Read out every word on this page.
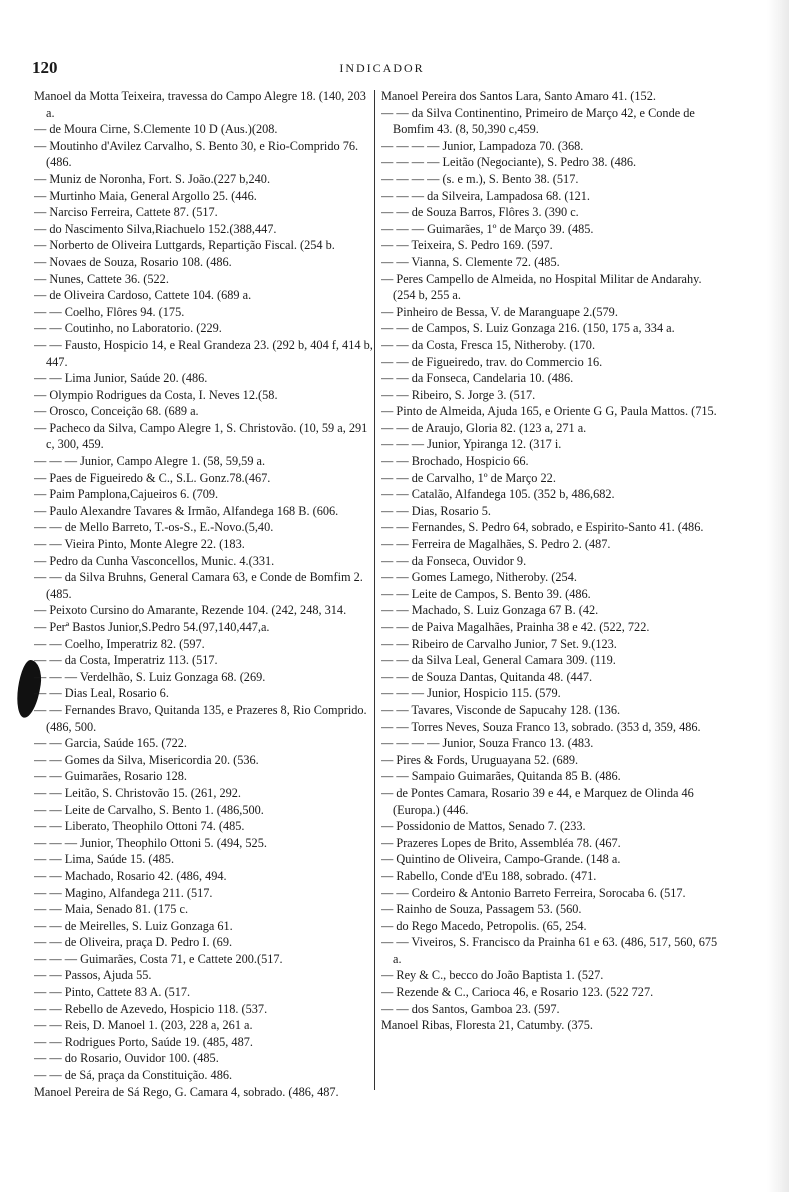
120	INDICADOR

Manoel da Motta Teixeira, travessa do Campo Alegre 18. (140, 203 a.

— de Moura Cirne, S.Clemente 10 D (Aus.)(208.

— Moutinho d'Avilez Carvalho, S. Bento 30, e Rio-Comprido 76. (486.

— Muniz de Noronha, Fort. S. João.(227 b,240.

— Murtinho Maia, General Argollo 25. (446.

— Narciso Ferreira, Cattete 87. (517.

— do Nascimento Silva,Riachuelo 152.(388,447.

— Norberto de Oliveira Luttgards, Repartição Fiscal. (254 b.

— Novaes de Souza, Rosario 108. (486.

— Nunes, Cattete 36. (522.

— de Oliveira Cardoso, Cattete 104. (689 a.

— — Coelho, Flôres 94. (175.

— — Coutinho, no Laboratorio. (229.

— — Fausto, Hospicio 14, e Real Grandeza 23. (292 b, 404 f, 414 b, 447.

— — Lima Junior, Saúde 20. (486.

— Olympio Rodrigues da Costa, I. Neves 12.(58.

— Orosco, Conceição 68. (689 a.

— Pacheco da Silva, Campo Alegre 1, S. Christovão. (10, 59 a, 291 c, 300, 459.

— — — Junior, Campo Alegre 1. (58, 59,59 a.

— Paes de Figueiredo & C., S.L. Gonz.78.(467.

— Paim Pamplona,Cajueiros 6. (709.

— Paulo Alexandre Tavares & Irmão, Alfandega 168 B. (606.

— — de Mello Barreto, T.-os-S., E.-Novo.(5,40.

— — Vieira Pinto, Monte Alegre 22. (183.

— Pedro da Cunha Vasconcellos, Munic. 4.(331.

— — da Silva Bruhns, General Camara 63, e Conde de Bomfim 2. (485.

— Peixoto Cursino do Amarante, Rezende 104. (242, 248, 314.

— Perª Bastos Junior,S.Pedro 54.(97,140,447,a.

— — Coelho, Imperatriz 82. (597.

— — da Costa, Imperatriz 113. (517.

— — — Verdelhão, S. Luiz Gonzaga 68. (269.

— — Dias Leal, Rosario 6.

— — Fernandes Bravo, Quitanda 135, e Prazeres 8, Rio Comprido. (486, 500.

— — Garcia, Saúde 165. (722.

— — Gomes da Silva, Misericordia 20. (536.

— — Guimarães, Rosario 128.

— — Leitão, S. Christovão 15. (261, 292.

— — Leite de Carvalho, S. Bento 1. (486,500.

— — Liberato, Theophilo Ottoni 74. (485.

— — — Junior, Theophilo Ottoni 5. (494, 525.

— — Lima, Saúde 15. (485.

— — Machado, Rosario 42. (486, 494.

— — Magino, Alfandega 211. (517.

— — Maia, Senado 81. (175 c.

— — de Meirelles, S. Luiz Gonzaga 61.

— — de Oliveira, praça D. Pedro I. (69.

— — — Guimarães, Costa 71, e Cattete 200.(517.

— — Passos, Ajuda 55.

— — Pinto, Cattete 83 A. (517.

— — Rebello de Azevedo, Hospicio 118. (537.

— — Reis, D. Manoel 1. (203, 228 a, 261 a.

— — Rodrigues Porto, Saúde 19. (485, 487.

— — do Rosario, Ouvidor 100. (485.

— — de Sá, praça da Constituição. 486.

Manoel Pereira de Sá Rego, G. Camara 4, sobrado. (486, 487.

Manoel Pereira dos Santos Lara, Santo Amaro 41. (152.

— — da Silva Continentino, Primeiro de Março 42, e Conde de Bomfim 43. (8, 50,390 c,459.

— — — — Junior, Lampadoza 70. (368.

— — — — Leitão (Negociante), S. Pedro 38. (486.

— — — — (s. e m.), S. Bento 38. (517.

— — — da Silveira, Lampadosa 68. (121.

— — de Souza Barros, Flôres 3. (390 c.

— — — Guimarães, 1º de Março 39. (485.

— — Teixeira, S. Pedro 169. (597.

— — Vianna, S. Clemente 72. (485.

— Peres Campello de Almeida, no Hospital Militar de Andarahy. (254 b, 255 a.

— Pinheiro de Bessa, V. de Maranguape 2.(579.

— — de Campos, S. Luiz Gonzaga 216. (150, 175 a, 334 a.

— — da Costa, Fresca 15, Nitheroby. (170.

— — de Figueiredo, trav. do Commercio 16.

— — da Fonseca, Candelaria 10. (486.

— — Ribeiro, S. Jorge 3. (517.

— Pinto de Almeida, Ajuda 165, e Oriente G G, Paula Mattos. (715.

— — de Araujo, Gloria 82. (123 a, 271 a.

— — — Junior, Ypiranga 12. (317 i.

— — Brochado, Hospicio 66.

— — de Carvalho, 1º de Março 22.

— — Catalão, Alfandega 105. (352 b, 486,682.

— — Dias, Rosario 5.

— — Fernandes, S. Pedro 64, sobrado, e Espirito-Santo 41. (486.

— — Ferreira de Magalhães, S. Pedro 2. (487.

— — da Fonseca, Ouvidor 9.

— — Gomes Lamego, Nitheroby. (254.

— — Leite de Campos, S. Bento 39. (486.

— — Machado, S. Luiz Gonzaga 67 B. (42.

— — de Paiva Magalhães, Prainha 38 e 42. (522, 722.

— — Ribeiro de Carvalho Junior, 7 Set. 9.(123.

— — da Silva Leal, General Camara 309. (119.

— — de Souza Dantas, Quitanda 48. (447.

— — — Junior, Hospicio 115. (579.

— — Tavares, Visconde de Sapucahy 128. (136.

— — Torres Neves, Souza Franco 13, sobrado. (353 d, 359, 486.

— — — — Junior, Souza Franco 13. (483.

— Pires & Fords, Uruguayana 52. (689.

— — Sampaio Guimarães, Quitanda 85 B. (486.

— de Pontes Camara, Rosario 39 e 44, e Marquez de Olinda 46 (Europa.) (446.

— Possidonio de Mattos, Senado 7. (233.

— Prazeres Lopes de Brito, Assembléa 78. (467.

— Quintino de Oliveira, Campo-Grande. (148 a.

— Rabello, Conde d'Eu 188, sobrado. (471.

— — Cordeiro & Antonio Barreto Ferreira, Sorocaba 6. (517.

— Rainho de Souza, Passagem 53. (560.

— do Rego Macedo, Petropolis. (65, 254.

— — Viveiros, S. Francisco da Prainha 61 e 63. (486, 517, 560, 675 a.

— Rey & C., becco do João Baptista 1. (527.

— Rezende & C., Carioca 46, e Rosario 123. (522 727.

— — dos Santos, Gamboa 23. (597.

Manoel Ribas, Floresta 21, Catumby. (375.
